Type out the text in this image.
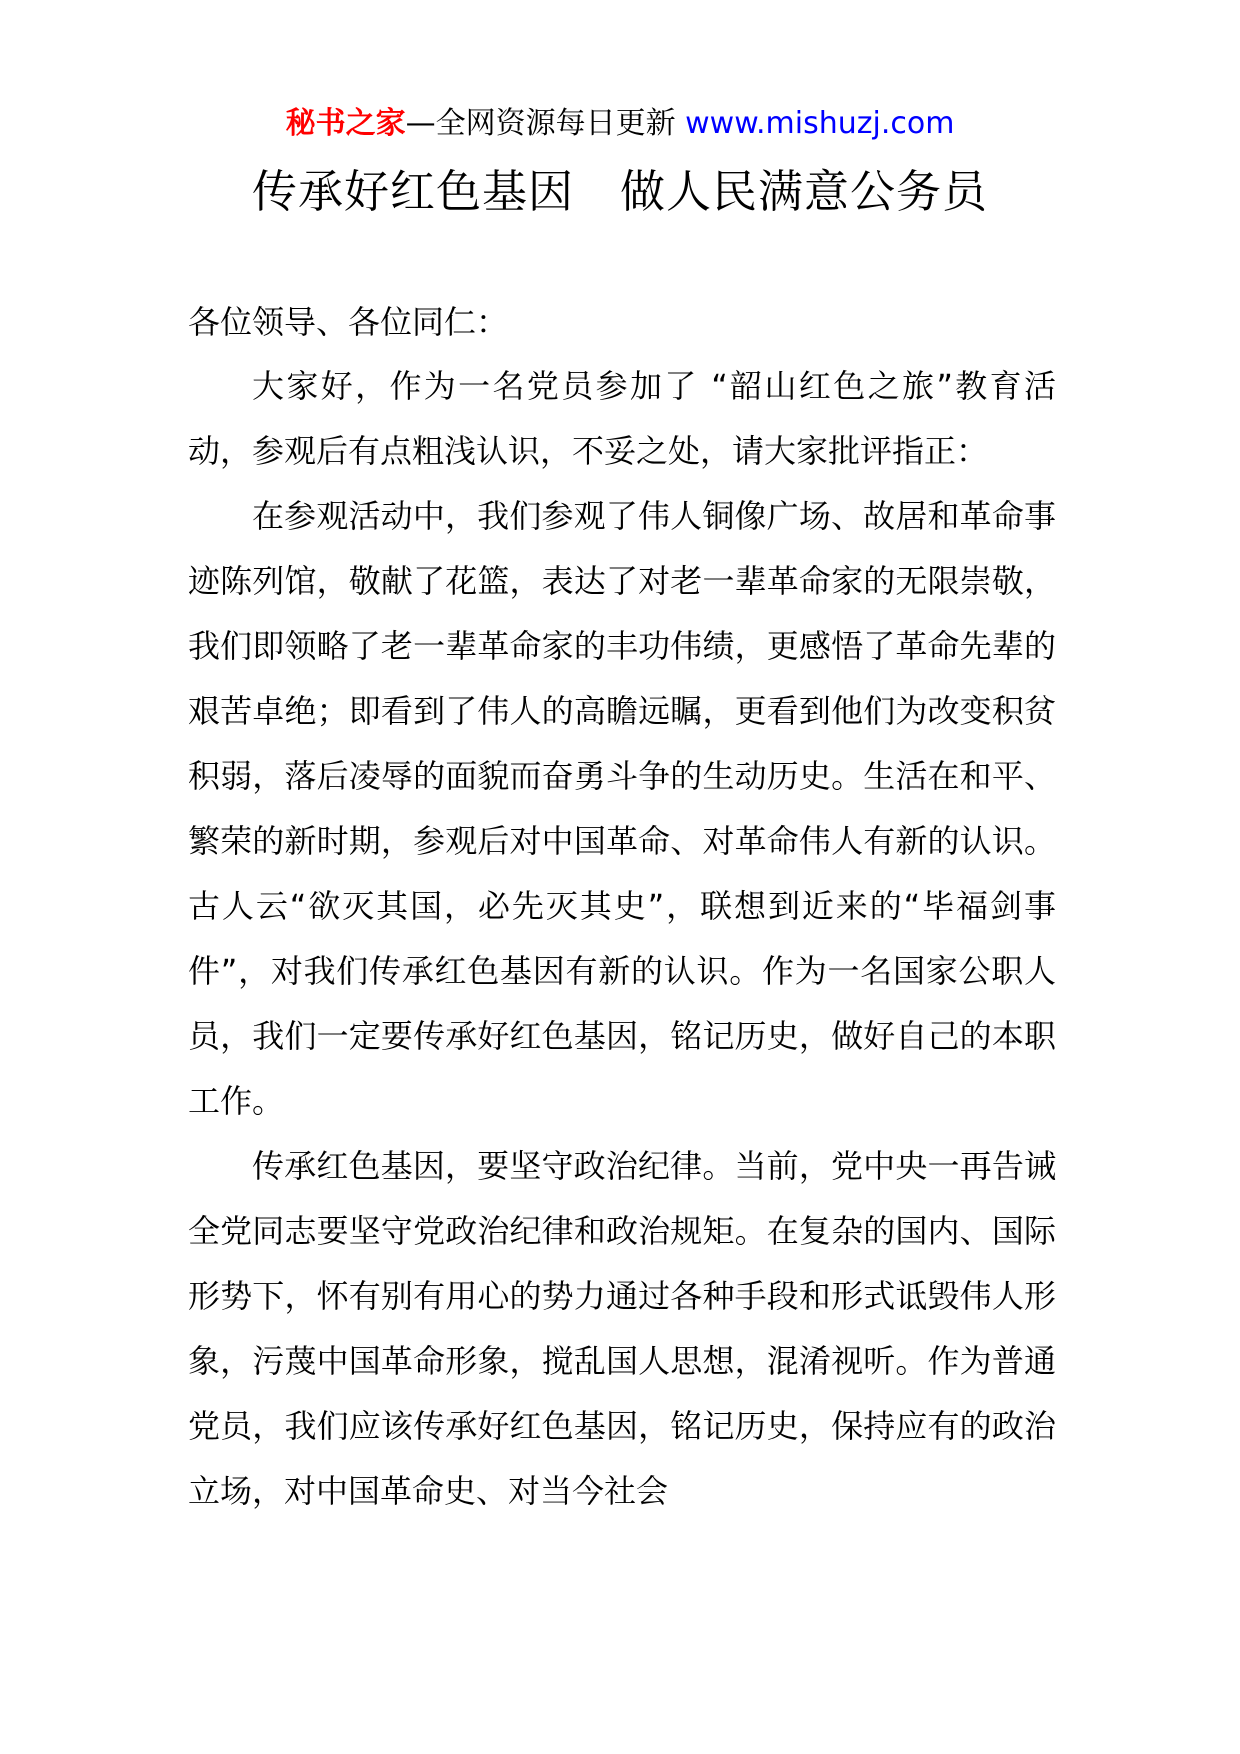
秘书之家—全网资源每日更新 www.mishuzj.com
传承好红色基因　做人民满意公务员

各位领导、各位同仁：

大家好，作为一名党员参加了 “韶山红色之旅”教育活动，参观后有点粗浅认识，不妥之处，请大家批评指正：

在参观活动中，我们参观了伟人铜像广场、故居和革命事迹陈列馆，敬献了花篮，表达了对老一辈革命家的无限崇敬，我们即领略了老一辈革命家的丰功伟绩，更感悟了革命先辈的艰苦卓绝；即看到了伟人的高瞻远瞩，更看到他们为改变积贫积弱，落后凌辱的面貌而奋勇斗争的生动历史。生活在和平、繁荣的新时期，参观后对中国革命、对革命伟人有新的认识。古人云“欲灭其国，必先灭其史”，联想到近来的“毕福剑事件”，对我们传承红色基因有新的认识。作为一名国家公职人员，我们一定要传承好红色基因，铭记历史，做好自己的本职工作。

传承红色基因，要坚守政治纪律。当前，党中央一再告诫全党同志要坚守党政治纪律和政治规矩。在复杂的国内、国际形势下，怀有别有用心的势力通过各种手段和形式诋毁伟人形象，污蔑中国革命形象，搅乱国人思想，混淆视听。作为普通党员，我们应该传承好红色基因，铭记历史，保持应有的政治立场，对中国革命史、对当今社会
